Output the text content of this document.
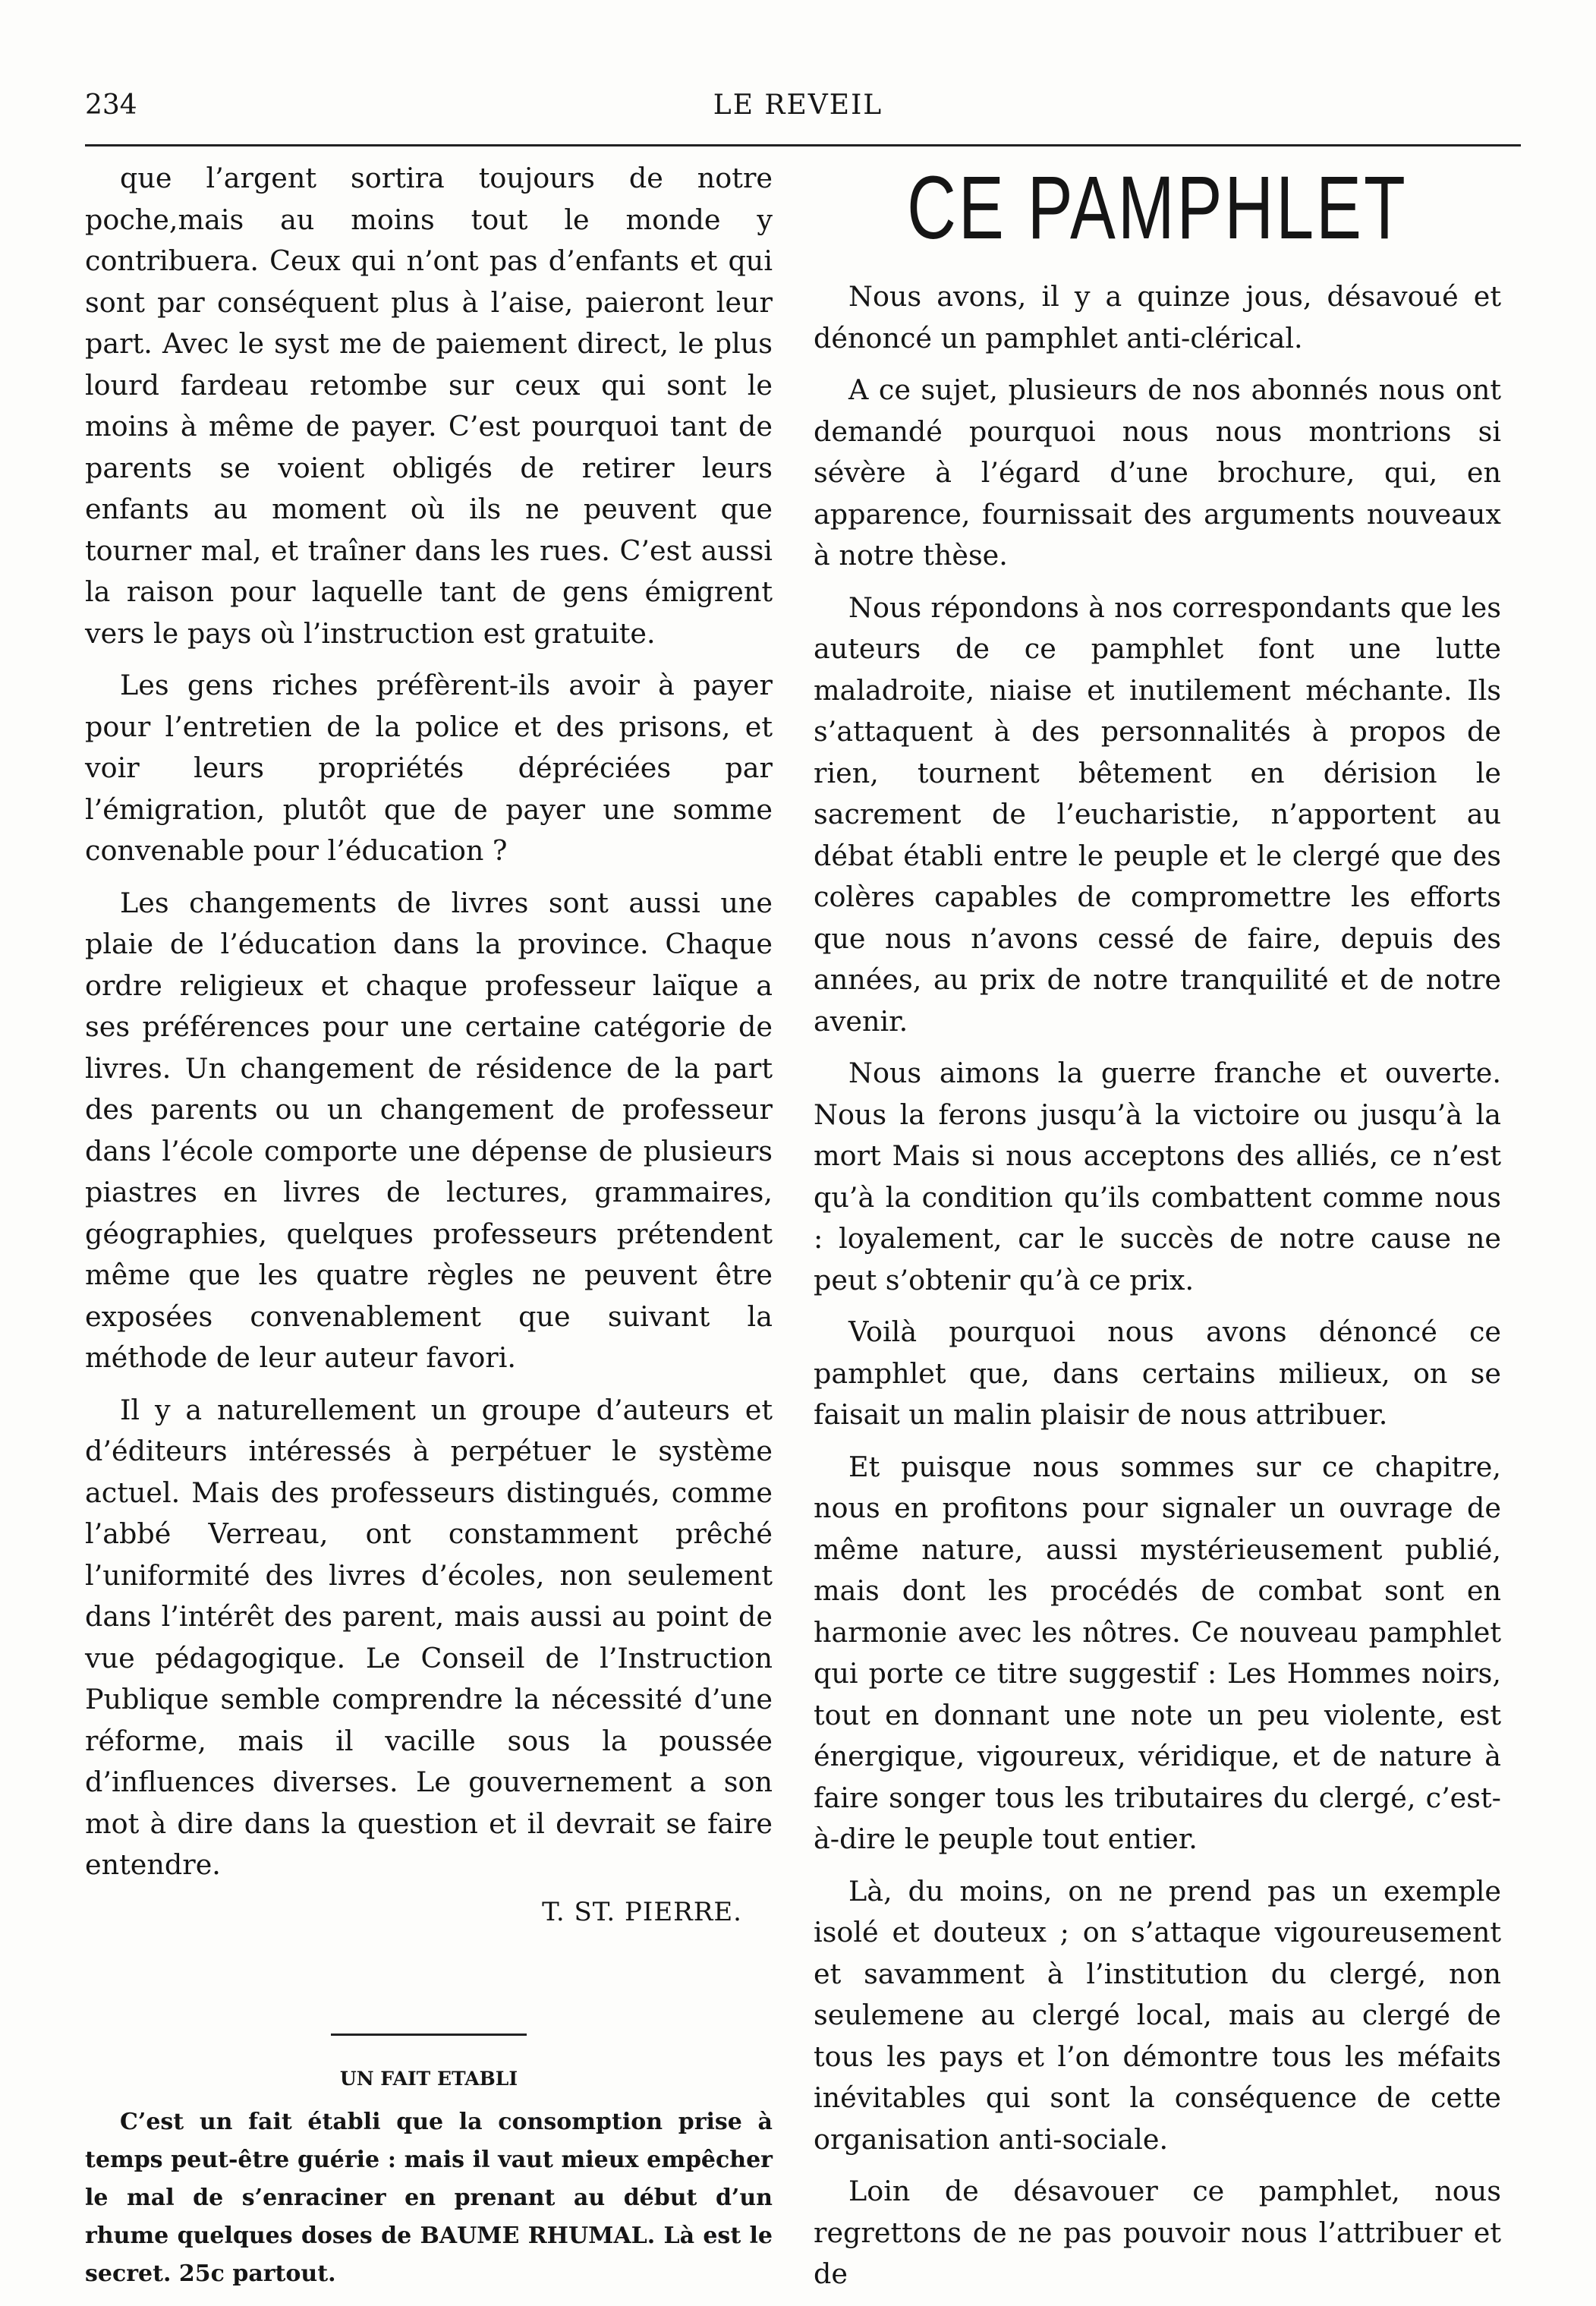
234	LE REVEIL

que l’argent sortira toujours de notre poche,mais au moins tout le monde y contribuera. Ceux qui n’ont pas d’enfants et qui sont par conséquent plus à l’aise, paieront leur part. Avec le syst me de paiement direct, le plus lourd fardeau retombe sur ceux qui sont le moins à même de payer. C’est pourquoi tant de parents se voient obligés de retirer leurs enfants au moment où ils ne peuvent que tourner mal, et traîner dans les rues. C’est aussi la raison pour laquelle tant de gens émigrent vers le pays où l’instruction est gratuite.

Les gens riches préfèrent-ils avoir à payer pour l’entretien de la police et des prisons, et voir leurs propriétés dépréciées par l’émigration, plutôt que de payer une somme convenable pour l’éducation ?

Les changements de livres sont aussi une plaie de l’éducation dans la province. Chaque ordre religieux et chaque professeur laïque a ses préférences pour une certaine catégorie de livres. Un changement de résidence de la part des parents ou un changement de professeur dans l’école comporte une dépense de plusieurs piastres en livres de lectures, grammaires, géographies, quelques professeurs prétendent même que les quatre règles ne peuvent être exposées convenablement que suivant la méthode de leur auteur favori.

Il y a naturellement un groupe d’auteurs et d’éditeurs intéressés à perpétuer le système actuel. Mais des professeurs distingués, comme l’abbé Verreau, ont constamment prêché l’uniformité des livres d’écoles, non seulement dans l’intérêt des parent, mais aussi au point de vue pédagogique. Le Conseil de l’Instruction Publique semble comprendre la nécessité d’une réforme, mais il vacille sous la poussée d’influences diverses. Le gouvernement a son mot à dire dans la question et il devrait se faire entendre.

T. ST. PIERRE.
UN FAIT ETABLI

C’est un fait établi que la consomption prise à temps peut-être guérie : mais il vaut mieux empêcher le mal de s’enraciner en prenant au début d’un rhume quelques doses de BAUME RHUMAL. Là est le secret. 25c partout.

CE PAMPHLET

Nous avons, il y a quinze jous, désavoué et dénoncé un pamphlet anti-clérical.

A ce sujet, plusieurs de nos abonnés nous ont demandé pourquoi nous nous montrions si sévère à l’égard d’une brochure, qui, en apparence, fournissait des arguments nouveaux à notre thèse.

Nous répondons à nos correspondants que les auteurs de ce pamphlet font une lutte maladroite, niaise et inutilement méchante. Ils s’attaquent à des personnalités à propos de rien, tournent bêtement en dérision le sacrement de l’eucharistie, n’apportent au débat établi entre le peuple et le clergé que des colères capables de compromettre les efforts que nous n’avons cessé de faire, depuis des années, au prix de notre tranquilité et de notre avenir.

Nous aimons la guerre franche et ouverte. Nous la ferons jusqu’à la victoire ou jusqu’à la mort Mais si nous acceptons des alliés, ce n’est qu’à la condition qu’ils combattent comme nous : loyalement, car le succès de notre cause ne peut s’obtenir qu’à ce prix.

Voilà pourquoi nous avons dénoncé ce pamphlet que, dans certains milieux, on se faisait un malin plaisir de nous attribuer.

Et puisque nous sommes sur ce chapitre, nous en profitons pour signaler un ouvrage de même nature, aussi mystérieusement publié, mais dont les procédés de combat sont en harmonie avec les nôtres. Ce nouveau pamphlet qui porte ce titre suggestif : Les Hommes noirs, tout en donnant une note un peu violente, est énergique, vigoureux, véridique, et de nature à faire songer tous les tributaires du clergé, c’est-à-dire le peuple tout entier.

Là, du moins, on ne prend pas un exemple isolé et douteux ; on s’attaque vigoureusement et savamment à l’institution du clergé, non seulemene au clergé local, mais au clergé de tous les pays et l’on démontre tous les méfaits inévitables qui sont la conséquence de cette organisation anti-sociale.

Loin de désavouer ce pamphlet, nous regrettons de ne pas pouvoir nous l’attribuer et de
